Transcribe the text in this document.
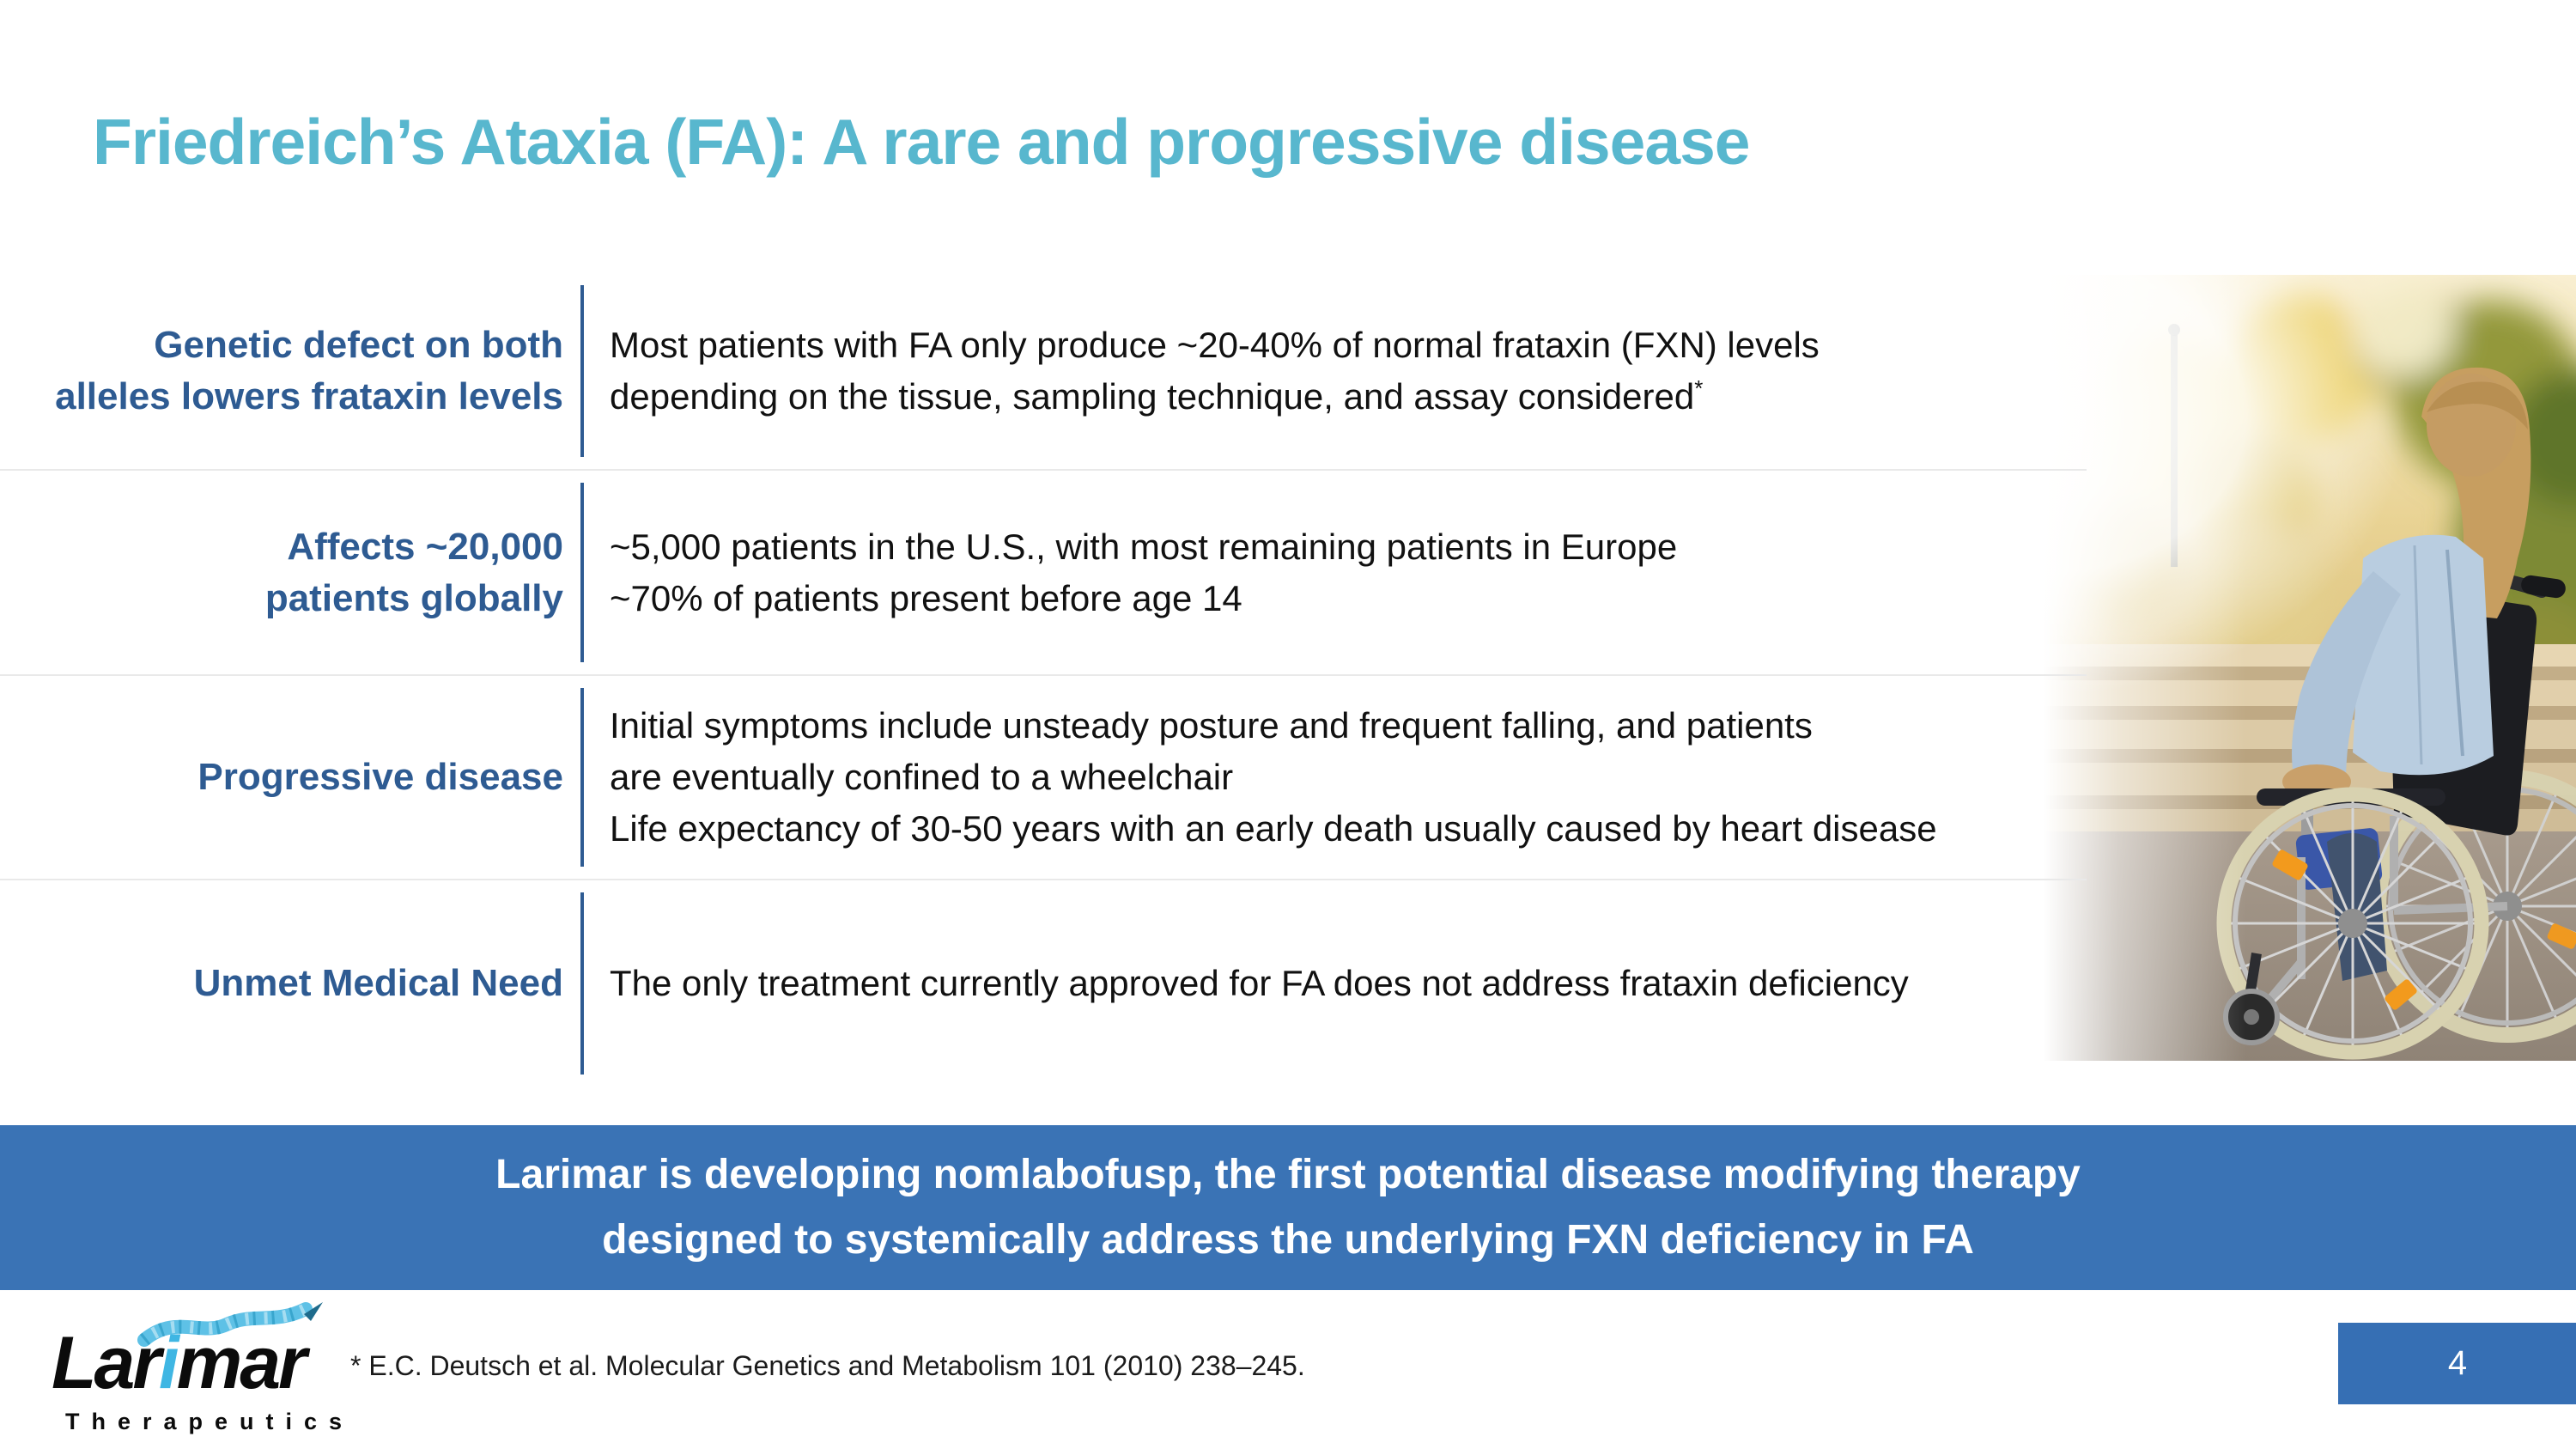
Friedreich’s Ataxia (FA): A rare and progressive disease
Genetic defect on both
alleles lowers frataxin levels
Most patients with FA only produce ~20-40% of normal frataxin (FXN) levels
depending on the tissue, sampling technique, and assay considered*
Affects ~20,000
patients globally
~5,000 patients in the U.S., with most remaining patients in Europe
~70% of patients present before age 14
Progressive disease
Initial symptoms include unsteady posture and frequent falling, and patients
are eventually confined to a wheelchair
Life expectancy of 30-50 years with an early death usually caused by heart disease
Unmet Medical Need The only treatment currently approved for FA does not address frataxin deficiency
Larimar is developing nomlabofusp, the first potential disease modifying therapy
designed to systemically address the underlying FXN deficiency in FA
Larimar
Therapeutics
* E.C. Deutsch et al. Molecular Genetics and Metabolism 101 (2010) 238–245.	4
